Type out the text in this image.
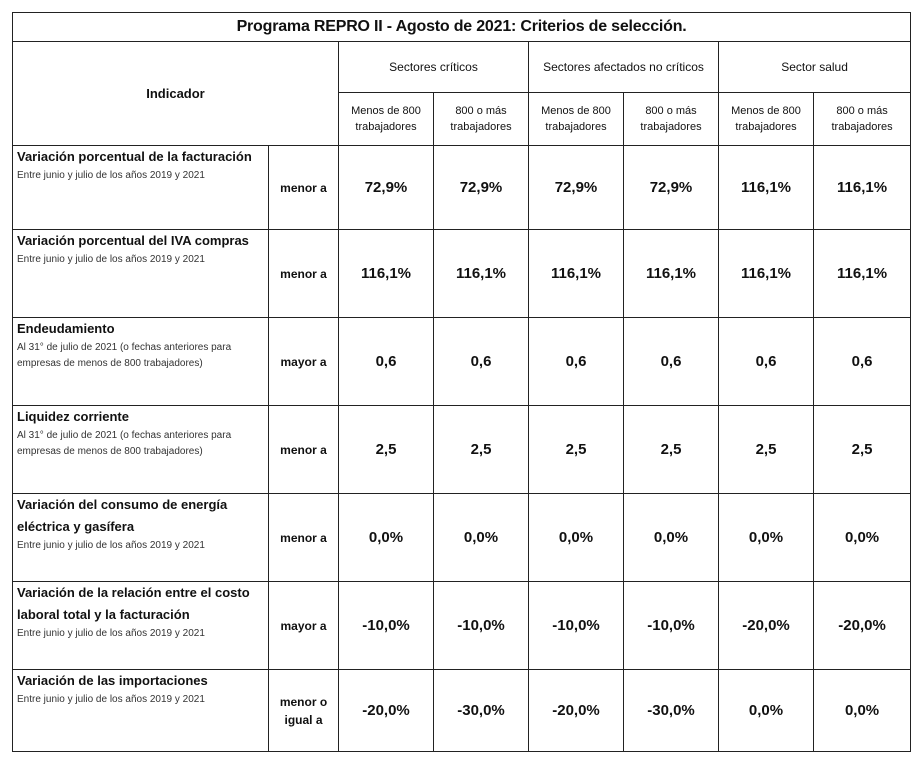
Programa REPRO II - Agosto de 2021: Criterios de selección.							
Indicador		Sectores críticos		Sectores afectados no críticos		Sector salud	
		Menos de 800 trabajadores	800 o más trabajadores	Menos de 800 trabajadores	800 o más trabajadores	Menos de 800 trabajadores	800 o más trabajadores

Variación porcentual de la facturación
Entre junio y julio de los años 2019 y 2021	menor a	72,9%	72,9%	72,9%	72,9%	116,1%	116,1%

Variación porcentual del IVA compras
Entre junio y julio de los años 2019 y 2021	menor a	116,1%	116,1%	116,1%	116,1%	116,1%	116,1%

Endeudamiento
Al 31° de julio de 2021 (o fechas anteriores para empresas de menos de 800 trabajadores)	mayor a	0,6	0,6	0,6	0,6	0,6	0,6

Liquidez corriente
Al 31° de julio de 2021 (o fechas anteriores para empresas de menos de 800 trabajadores)	menor a	2,5	2,5	2,5	2,5	2,5	2,5

Variación del consumo de energía eléctrica y gasífera
Entre junio y julio de los años 2019 y 2021	menor a	0,0%	0,0%	0,0%	0,0%	0,0%	0,0%

Variación de la relación entre el costo laboral total y la facturación
Entre junio y julio de los años 2019 y 2021	mayor a	-10,0%	-10,0%	-10,0%	-10,0%	-20,0%	-20,0%

Variación de las importaciones
Entre junio y julio de los años 2019 y 2021	menor o igual a	-20,0%	-30,0%	-20,0%	-30,0%	0,0%	0,0%
